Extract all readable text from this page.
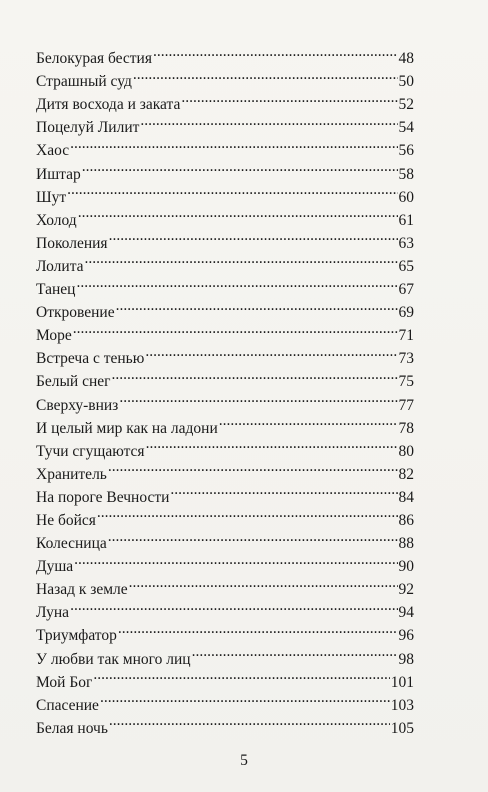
Белокурая бестия .....	48
Страшный суд .....	50
Дитя восхода и заката .....	52
Поцелуй Лилит .....	54
Хаос .....	56
Иштар .....	58
Шут .....	60
Холод .....	61
Поколения .....	63
Лолита .....	65
Танец .....	67
Откровение .....	69
Море .....	71
Встреча с тенью .....	73
Белый снег .....	75
Сверху-вниз .....	77
И целый мир как на ладони .....	78
Тучи сгущаются .....	80
Хранитель .....	82
На пороге Вечности .....	84
Не бойся .....	86
Колесница .....	88
Душа .....	90
Назад к земле .....	92
Луна .....	94
Триумфатор .....	96
У любви так много лиц .....	98
Мой Бог .....	101
Спасение .....	103
Белая ночь .....	105
5
